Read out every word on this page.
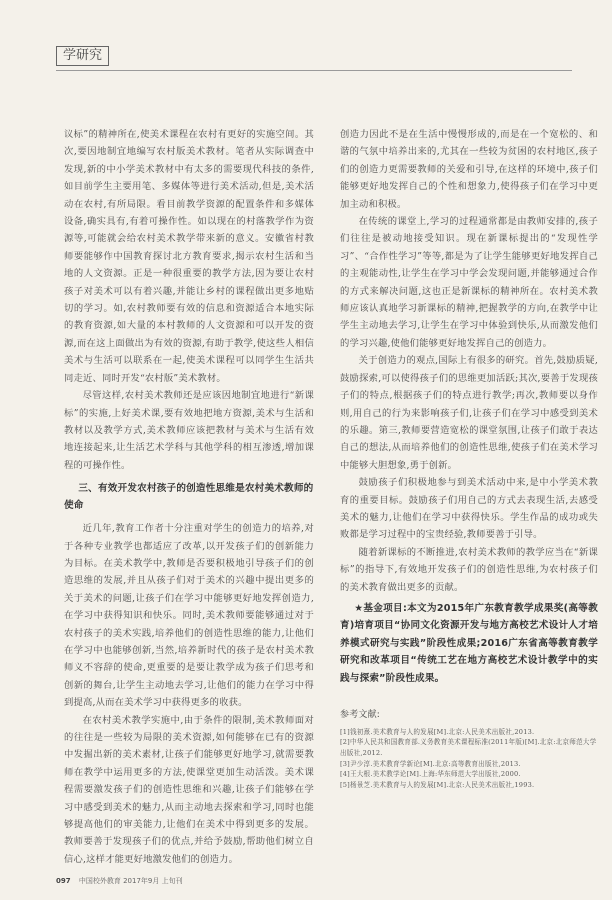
学研究

议标”的精神所在,使美术课程在农村有更好的实施空间。其次,要因地制宜地编写农村版美术教材。笔者从实际调查中发现,新的中小学美术教材中有太多的需要现代科技的条件,如目前学生主要用笔、多媒体等进行美术活动,但是,美术活动在农村,有所局限。看目前教学资源的配置条件和多媒体设备,确实具有,有着可操作性。如以现在的村落教学作为资源等,可能就会给农村美术教学带来新的意义。安徽省村教师要能够作中国教育探讨北方教育要求,揭示农村生活和当地的人文资源。正是一种很重要的教学方法,因为要让农村孩子对美术可以有着兴趣,并能让乡村的课程做出更多地贴切的学习。如,农村教师要有效的信息和资源适合本地实际的教育资源,如大量的本村教师的人文资源和可以开发的资源,而在这上面做出为有效的资源,有助于教学,使这些人相信美术与生活可以联系在一起,使美术课程可以同学生生活共同走近、同时开发“农村版”美术教材。

尽管这样,农村美术教师还是应该因地制宜地进行“新课标”的实施,上好美术课,要有效地把地方资源,美术与生活和教材以及教学方式,美术教师应该把教材与美术与生活有效地连接起来,让生活艺术学科与其他学科的相互渗透,增加课程的可操作性。

三、有效开发农村孩子的创造性思维是农村美术教师的使命

近几年,教育工作者十分注重对学生的创造力的培养,对于各种专业教学也都适应了改革,以开发孩子们的创新能力为目标。在美术教学中,教师是否要积极地引导孩子们的创造思维的发展,并且从孩子们对于美术的兴趣中提出更多的关于美术的问题,让孩子们在学习中能够更好地发挥创造力,在学习中获得知识和快乐。同时,美术教师要能够通过对于农村孩子的美术实践,培养他们的创造性思维的能力,让他们在学习中也能够创新,当然,培养新时代的孩子是农村美术教师义不容辞的使命,更重要的是要让教学成为孩子们思考和创新的舞台,让学生主动地去学习,让他们的能力在学习中得到提高,从而在美术学习中获得更多的收获。

在农村美术教学实施中,由于条件的限制,美术教师面对的往往是一些较为局限的美术资源,如何能够在已有的资源中发掘出新的美术素材,让孩子们能够更好地学习,就需要教师在教学中运用更多的方法,使课堂更加生动活泼。美术课程需要激发孩子们的创造性思维和兴趣,让孩子们能够在学习中感受到美术的魅力,从而主动地去探索和学习,同时也能够提高他们的审美能力,让他们在美术中得到更多的发展。教师要善于发现孩子们的优点,并给予鼓励,帮助他们树立自信心,这样才能更好地激发他们的创造力。

创造力因此不是在生活中慢慢形成的,而是在一个宽松的、和谐的气氛中培养出来的,尤其在一些较为贫困的农村地区,孩子们的创造力更需要教师的关爱和引导,在这样的环境中,孩子们能够更好地发挥自己的个性和想象力,使得孩子们在学习中更加主动和积极。

在传统的课堂上,学习的过程通常都是由教师安排的,孩子们往往是被动地接受知识。现在新课标提出的“发现性学习”、“合作性学习”等等,都是为了让学生能够更好地发挥自己的主观能动性,让学生在学习中学会发现问题,并能够通过合作的方式来解决问题,这也正是新课标的精神所在。农村美术教师应该认真地学习新课标的精神,把握教学的方向,在教学中让学生主动地去学习,让学生在学习中体验到快乐,从而激发他们的学习兴趣,使他们能够更好地发挥自己的创造力。

关于创造力的观点,国际上有很多的研究。首先,鼓励质疑,鼓励探索,可以使得孩子们的思维更加活跃;其次,要善于发现孩子们的特点,根据孩子们的特点进行教学;再次,教师要以身作则,用自己的行为来影响孩子们,让孩子们在学习中感受到美术的乐趣。第三,教师要营造宽松的课堂氛围,让孩子们敢于表达自己的想法,从而培养他们的创造性思维,使孩子们在美术学习中能够大胆想象,勇于创新。

鼓励孩子们积极地参与到美术活动中来,是中小学美术教育的重要目标。鼓励孩子们用自己的方式去表现生活,去感受美术的魅力,让他们在学习中获得快乐。学生作品的成功或失败都是学习过程中的宝贵经验,教师要善于引导。

随着新课标的不断推进,农村美术教师的教学应当在“新课标”的指导下,有效地开发孩子们的创造性思维,为农村孩子们的美术教育做出更多的贡献。

★基金项目:本文为2015年广东教育教学成果奖(高等教育)培育项目“协同文化资源开发与地方高校艺术设计人才培养模式研究与实践”阶段性成果;2016广东省高等教育教学研究和改革项目“传统工艺在地方高校艺术设计教学中的实践与探索”阶段性成果。
参考文献:
[1]钱初熹.美术教育与人的发展[M].北京:人民美术出版社,2013.
[2]中华人民共和国教育部.义务教育美术课程标准(2011年版)[M].北京:北京师范大学出版社,2012.
[3]尹少淳.美术教育学新论[M].北京:高等教育出版社,2013.
[4]王大根.美术教学论[M].上海:华东师范大学出版社,2000.
[5]杨景芝.美术教育与人的发展[M].北京:人民美术出版社,1993.
097 中国校外教育 2017年9月 上旬刊
